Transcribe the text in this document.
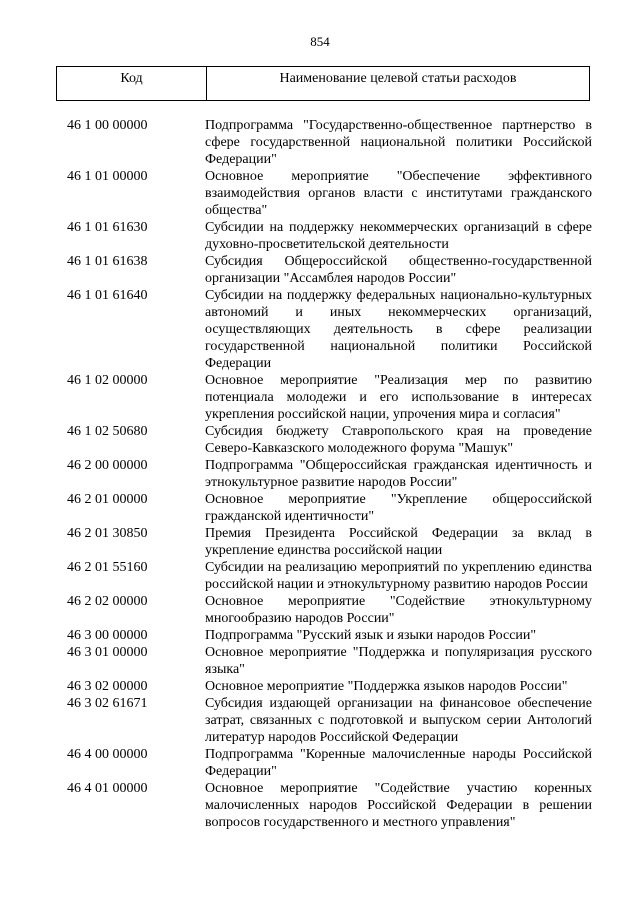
854
Код	Наименование целевой статьи расходов
46 1 00 00000	Подпрограмма "Государственно-общественное партнерство в сфере государственной национальной политики Российской Федерации"
46 1 01 00000	Основное мероприятие "Обеспечение эффективного взаимодействия органов власти с институтами гражданского общества"
46 1 01 61630	Субсидии на поддержку некоммерческих организаций в сфере духовно-просветительской деятельности
46 1 01 61638	Субсидия Общероссийской общественно-государственной организации "Ассамблея народов России"
46 1 01 61640	Субсидии на поддержку федеральных национально-культурных автономий и иных некоммерческих организаций, осуществляющих деятельность в сфере реализации государственной национальной политики Российской Федерации
46 1 02 00000	Основное мероприятие "Реализация мер по развитию потенциала молодежи и его использование в интересах укрепления российской нации, упрочения мира и согласия"
46 1 02 50680	Субсидия бюджету Ставропольского края на проведение Северо-Кавказского молодежного форума "Машук"
46 2 00 00000	Подпрограмма "Общероссийская гражданская идентичность и этнокультурное развитие народов России"
46 2 01 00000	Основное мероприятие "Укрепление общероссийской гражданской идентичности"
46 2 01 30850	Премия Президента Российской Федерации за вклад в укрепление единства российской нации
46 2 01 55160	Субсидии на реализацию мероприятий по укреплению единства российской нации и этнокультурному развитию народов России
46 2 02 00000	Основное мероприятие "Содействие этнокультурному многообразию народов России"
46 3 00 00000	Подпрограмма "Русский язык и языки народов России"
46 3 01 00000	Основное мероприятие "Поддержка и популяризация русского языка"
46 3 02 00000	Основное мероприятие "Поддержка языков народов России"
46 3 02 61671	Субсидия издающей организации на финансовое обеспечение затрат, связанных с подготовкой и выпуском серии Антологий литератур народов Российской Федерации
46 4 00 00000	Подпрограмма "Коренные малочисленные народы Российской Федерации"
46 4 01 00000	Основное мероприятие "Содействие участию коренных малочисленных народов Российской Федерации в решении вопросов государственного и местного управления"
